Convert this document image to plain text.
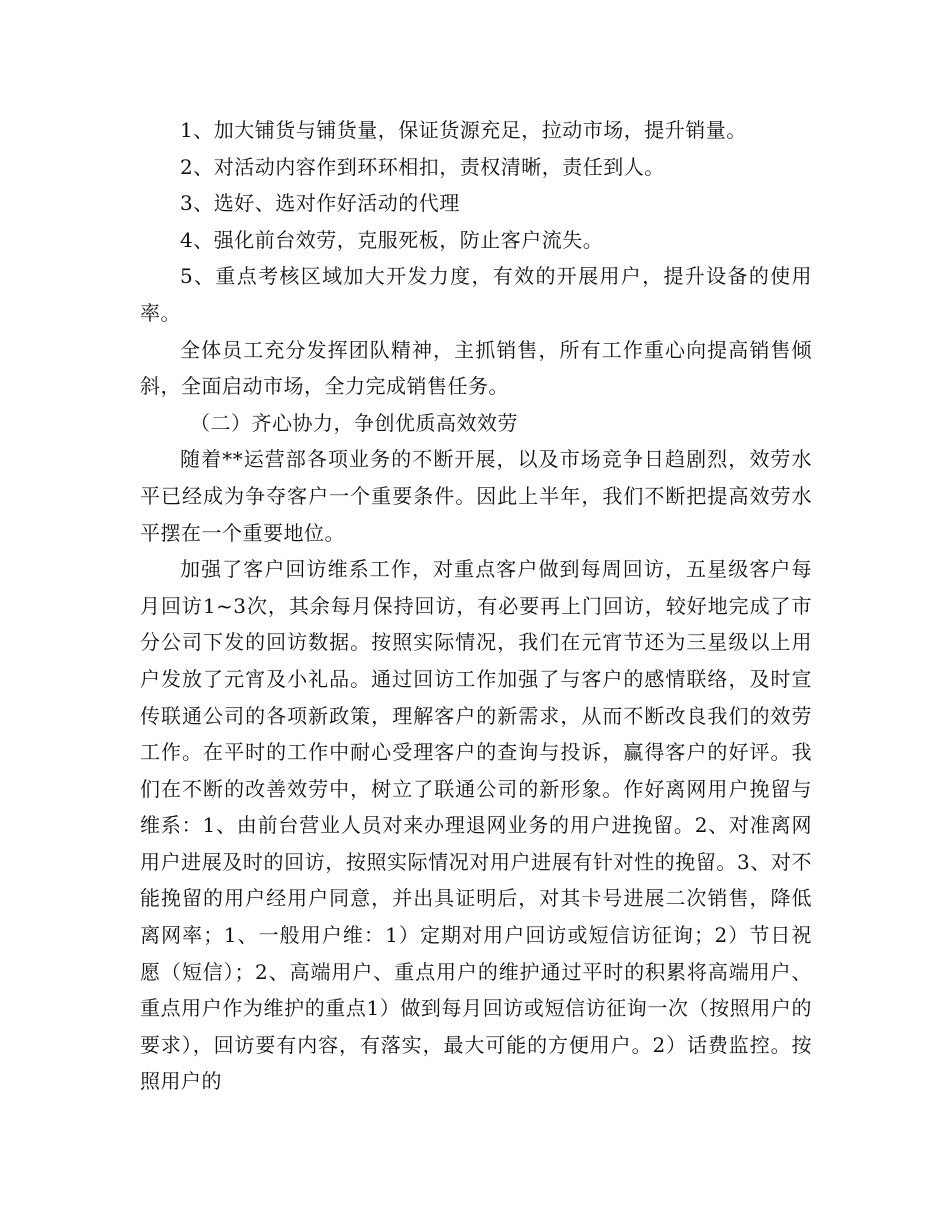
1、加大铺货与铺货量，保证货源充足，拉动市场，提升销量。

2、对活动内容作到环环相扣，责权清晰，责任到人。

3、选好、选对作好活动的代理

4、强化前台效劳，克服死板，防止客户流失。

5、重点考核区域加大开发力度，有效的开展用户，提升设备的使用率。

全体员工充分发挥团队精神，主抓销售，所有工作重心向提高销售倾斜，全面启动市场，全力完成销售任务。

（二）齐心协力，争创优质高效效劳

随着**运营部各项业务的不断开展，以及市场竞争日趋剧烈，效劳水平已经成为争夺客户一个重要条件。因此上半年，我们不断把提高效劳水平摆在一个重要地位。

加强了客户回访维系工作，对重点客户做到每周回访，五星级客户每月回访1~3次，其余每月保持回访，有必要再上门回访，较好地完成了市分公司下发的回访数据。按照实际情况，我们在元宵节还为三星级以上用户发放了元宵及小礼品。通过回访工作加强了与客户的感情联络，及时宣传联通公司的各项新政策，理解客户的新需求，从而不断改良我们的效劳工作。在平时的工作中耐心受理客户的查询与投诉，赢得客户的好评。我们在不断的改善效劳中，树立了联通公司的新形象。作好离网用户挽留与维系：1、由前台营业人员对来办理退网业务的用户进挽留。2、对准离网用户进展及时的回访，按照实际情况对用户进展有针对性的挽留。3、对不能挽留的用户经用户同意，并出具证明后，对其卡号进展二次销售，降低离网率；1、一般用户维：1）定期对用户回访或短信访征询；2）节日祝愿（短信）；2、高端用户、重点用户的维护通过平时的积累将高端用户、重点用户作为维护的重点1）做到每月回访或短信访征询一次（按照用户的要求），回访要有内容，有落实，最大可能的方便用户。2）话费监控。按照用户的
